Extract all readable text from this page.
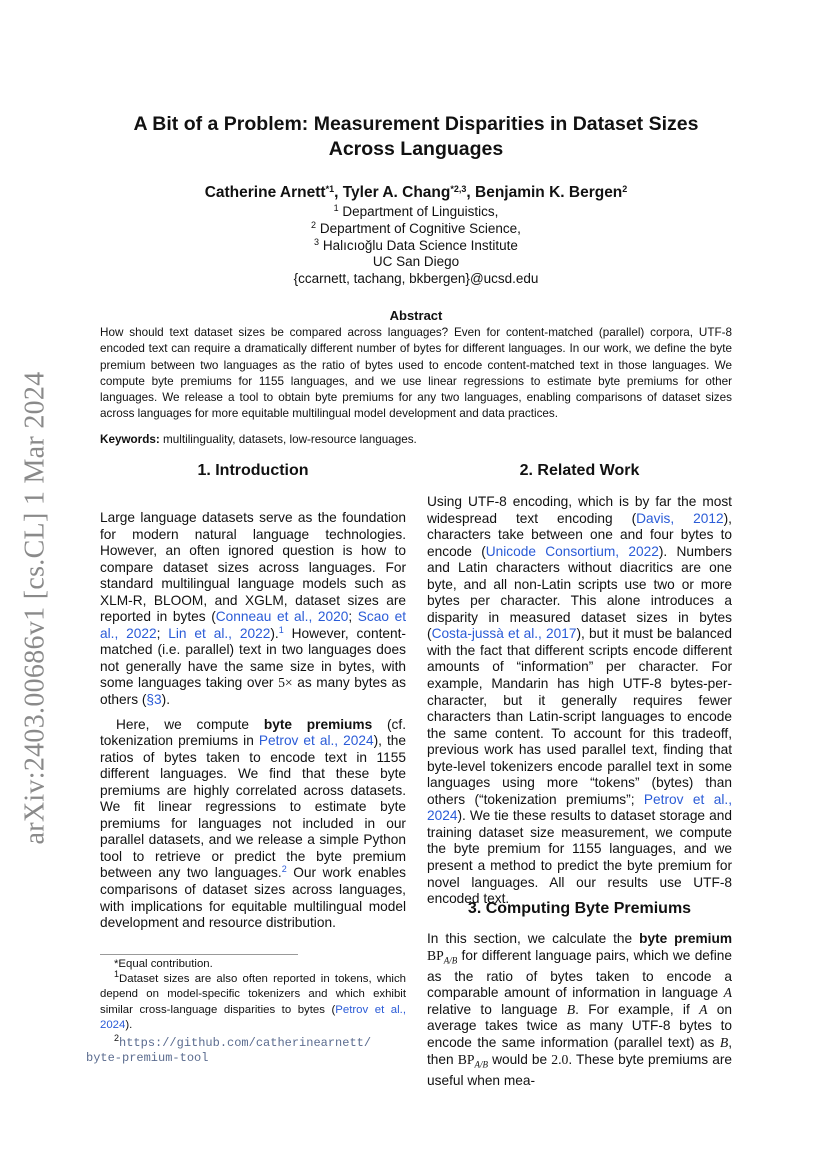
arXiv:2403.00686v1 [cs.CL] 1 Mar 2024
A Bit of a Problem: Measurement Disparities in Dataset Sizes
Across Languages
Catherine Arnett$^{*1}$, Tyler A. Chang$^{*2,3}$, Benjamin K. Bergen$^2$
$^1$ Department of Linguistics,
$^2$ Department of Cognitive Science,
$^3$ Halıcıoğlu Data Science Institute
UC San Diego
{ccarnett, tachang, bkbergen}@ucsd.edu
Abstract
How should text dataset sizes be compared across languages? Even for content-matched (parallel) corpora, UTF-8 encoded text can require a dramatically different number of bytes for different languages. In our work, we define the byte premium between two languages as the ratio of bytes used to encode content-matched text in those languages. We compute byte premiums for 1155 languages, and we use linear regressions to estimate byte premiums for other languages. We release a tool to obtain byte premiums for any two languages, enabling comparisons of dataset sizes across languages for more equitable multilingual model development and data practices.
Keywords: multilinguality, datasets, low-resource languages.
1. Introduction

Large language datasets serve as the foundation for modern natural language technologies. However, an often ignored question is how to compare dataset sizes across languages. For standard multilingual language models such as XLM-R, BLOOM, and XGLM, dataset sizes are reported in bytes (Conneau et al., 2020; Scao et al., 2022; Lin et al., 2022).$^1$ However, content-matched (i.e. parallel) text in two languages does not generally have the same size in bytes, with some languages taking over 5× as many bytes as others (§3).

Here, we compute byte premiums (cf. tokenization premiums in Petrov et al., 2024), the ratios of bytes taken to encode text in 1155 different languages. We find that these byte premiums are highly correlated across datasets. We fit linear regressions to estimate byte premiums for languages not included in our parallel datasets, and we release a simple Python tool to retrieve or predict the byte premium between any two languages.$^2$ Our work enables comparisons of dataset sizes across languages, with implications for equitable multilingual model development and resource distribution.

*Equal contribution.

$^1$Dataset sizes are also often reported in tokens, which depend on model-specific tokenizers and which exhibit similar cross-language disparities to bytes (Petrov et al., 2024).

$^2$https://github.com/catherinearnett/
byte-premium-tool

2. Related Work

Using UTF-8 encoding, which is by far the most widespread text encoding (Davis, 2012), characters take between one and four bytes to encode (Unicode Consortium, 2022). Numbers and Latin characters without diacritics are one byte, and all non-Latin scripts use two or more bytes per character. This alone introduces a disparity in measured dataset sizes in bytes (Costa-jussà et al., 2017), but it must be balanced with the fact that different scripts encode different amounts of “information” per character. For example, Mandarin has high UTF-8 bytes-per-character, but it generally requires fewer characters than Latin-script languages to encode the same content. To account for this tradeoff, previous work has used parallel text, finding that byte-level tokenizers encode parallel text in some languages using more “tokens” (bytes) than others (“tokenization premiums”; Petrov et al., 2024). We tie these results to dataset storage and training dataset size measurement, we compute the byte premium for 1155 languages, and we present a method to predict the byte premium for novel languages. All our results use UTF-8 encoded text.

3. Computing Byte Premiums

In this section, we calculate the byte premium $BP_{A/B}$ for different language pairs, which we define as the ratio of bytes taken to encode a comparable amount of information in language A relative to language B. For example, if A on average takes twice as many UTF-8 bytes to encode the same information (parallel text) as B, then $BP_{A/B}$ would be 2.0. These byte premiums are useful when mea-
